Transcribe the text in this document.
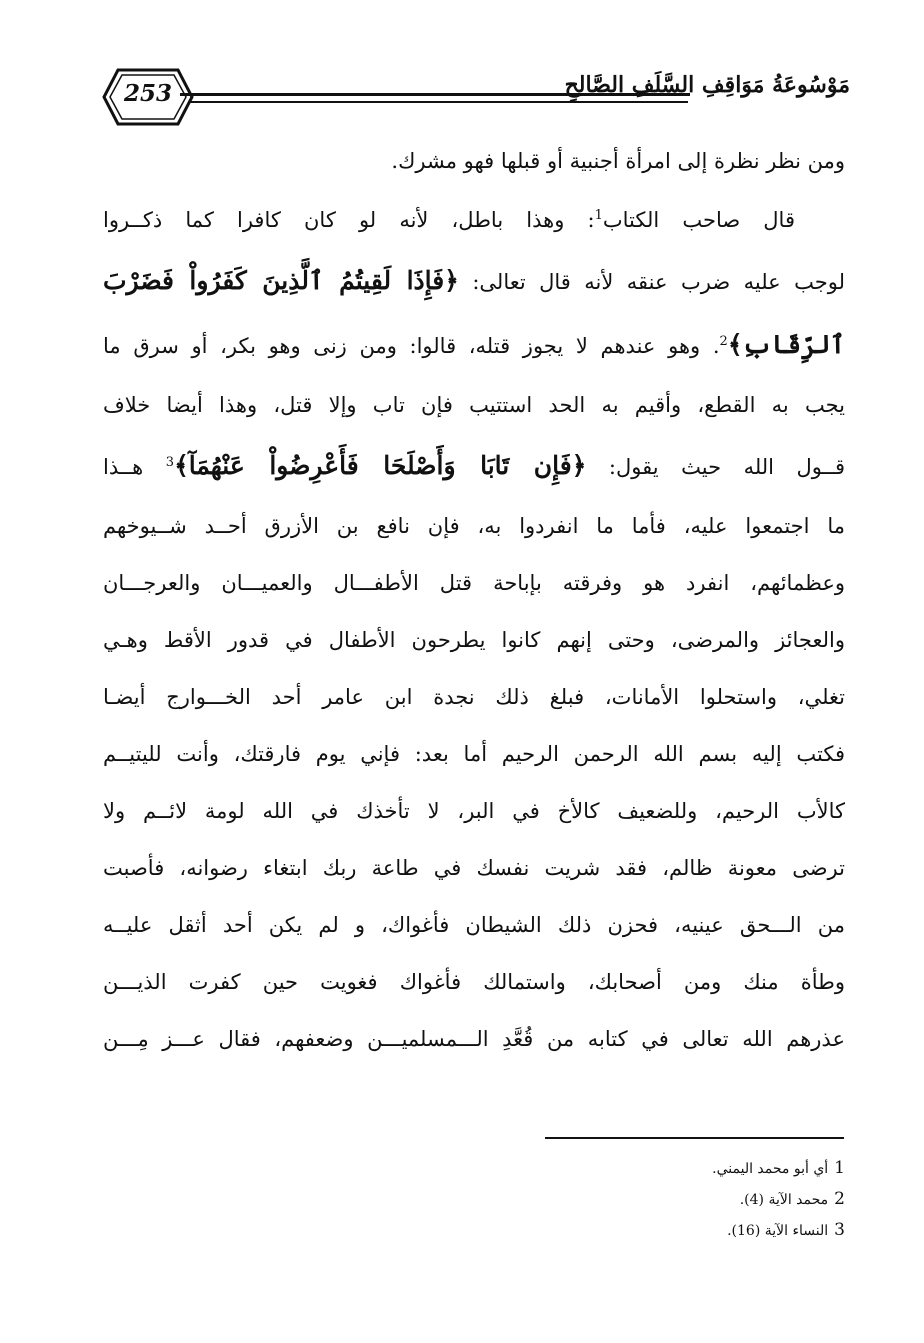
253	مَوْسُوعَةُ مَوَاقِفِ السَّلَفِ الصَّالِحِ
ومن نظر نظرة إلى امرأة أجنبية أو قبلها فهو مشرك.
قال صاحب الكتاب$^1$: وهذا باطل، لأنه لو كان كافرا كما ذكــروا
لوجب عليه ضرب عنقه لأنه قال تعالى: ﴿فَإِذَا لَقِيتُمُ ٱلَّذِينَ كَفَرُواْ فَضَرْبَ
ٱلرِّقَابِ﴾$^2$. وهو عندهم لا يجوز قتله، قالوا: ومن زنى وهو بكر، أو سرق ما
يجب به القطع، وأقيم به الحد استتيب فإن تاب وإلا قتل، وهذا أيضا خلاف
قــول الله حيث يقول: ﴿فَإِن تَابَا وَأَصْلَحَا فَأَعْرِضُواْ عَنْهُمَآ﴾$^3$ هــذا
ما اجتمعوا عليه، فأما ما انفردوا به، فإن نافع بن الأزرق أحــد شــيوخهم
وعظمائهم، انفرد هو وفرقته بإباحة قتل الأطفـــال والعميـــان والعرجـــان
والعجائز والمرضى، وحتى إنهم كانوا يطرحون الأطفال في قدور الأقط وهـي
تغلي، واستحلوا الأمانات، فبلغ ذلك نجدة ابن عامر أحد الخـــوارج أيضـا
فكتب إليه بسم الله الرحمن الرحيم أما بعد: فإني يوم فارقتك، وأنت لليتيــم
كالأب الرحيم، وللضعيف كالأخ في البر، لا تأخذك في الله لومة لائــم ولا
ترضى معونة ظالم، فقد شريت نفسك في طاعة ربك ابتغاء رضوانه، فأصبت
من الـــحق عينيه، فحزن ذلك الشيطان فأغواك، و لم يكن أحد أثقل عليــه
وطأة منك ومن أصحابك، واستمالك فأغواك فغويت حين كفرت الذيـــن
عذرهم الله تعالى في كتابه من قُعَّدِ الـــمسلميـــن وضعفهم، فقال عـــز مِـــن
1أي أبو محمد اليمني.
2محمد الآية (4).
3النساء الآية (16).
